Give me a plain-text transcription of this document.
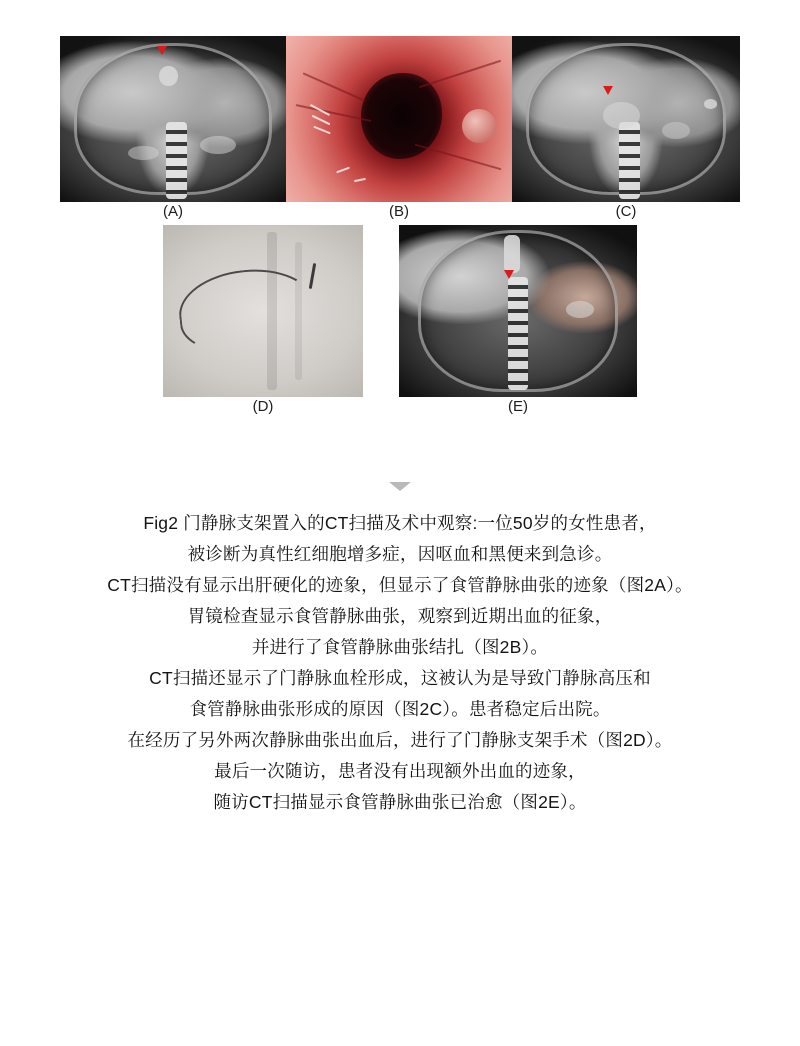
(A)	(B)	(C)
(D)	(E)
Fig2 门静脉支架置入的CT扫描及术中观察:一位50岁的女性患者，
被诊断为真性红细胞增多症，因呕血和黑便来到急诊。
CT扫描没有显示出肝硬化的迹象，但显示了食管静脉曲张的迹象（图2A）。
胃镜检查显示食管静脉曲张，观察到近期出血的征象，
并进行了食管静脉曲张结扎（图2B）。
CT扫描还显示了门静脉血栓形成，这被认为是导致门静脉高压和
食管静脉曲张形成的原因（图2C）。患者稳定后出院。
在经历了另外两次静脉曲张出血后，进行了门静脉支架手术（图2D）。
最后一次随访，患者没有出现额外出血的迹象，
随访CT扫描显示食管静脉曲张已治愈（图2E）。
